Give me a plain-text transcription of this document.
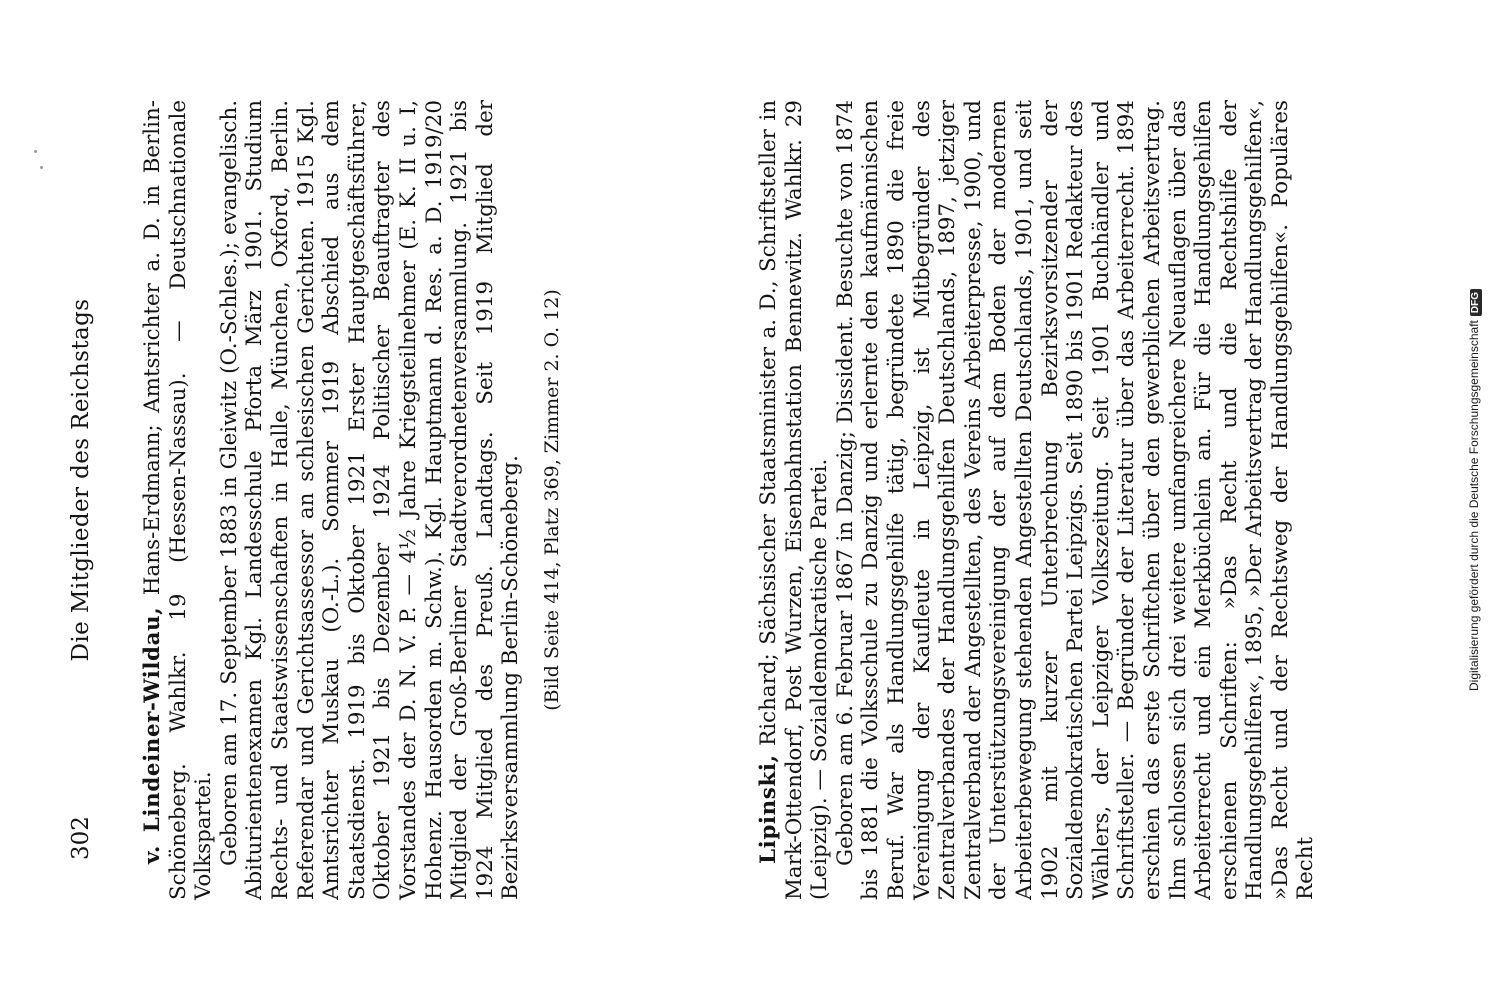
302
Die Mitglieder des Reichstags

v. Lindeiner-Wildau, Hans-Erdmann; Amtsrichter a. D. in Berlin-Schöneberg. Wahlkr. 19 (Hessen-Nassau). — Deutschnationale Volkspartei. Geboren am 17. September 1883 in Gleiwitz (O.-Schles.); evangelisch. Abiturientenexamen Kgl. Landesschule Pforta März 1901. Studium Rechts- und Staatswissenschaften in Halle, München, Oxford, Berlin. Referendar und Gerichtsassessor an schlesischen Gerichten. 1915 Kgl. Amtsrichter Muskau (O.-L.). Sommer 1919 Abschied aus dem Staatsdienst. 1919 bis Oktober 1921 Erster Hauptgeschäftsführer, Oktober 1921 bis Dezember 1924 Politischer Beauftragter des Vorstandes der D. N. V. P. — 4½ Jahre Kriegsteilnehmer (E. K. II u. I, Hohenz. Hausorden m. Schw.). Kgl. Hauptmann d. Res. a. D. 1919/20 Mitglied der Groß-Berliner Stadtverordnetenversammlung. 1921 bis 1924 Mitglied des Preuß. Landtags. Seit 1919 Mitglied der Bezirksversammlung Berlin-Schöneberg. (Bild Seite 414, Platz 369, Zimmer 2. O. 12)

Lipinski, Richard; Sächsischer Staatsminister a. D., Schriftsteller in Mark-Ottendorf, Post Wurzen, Eisenbahnstation Bennewitz. Wahlkr. 29 (Leipzig). — Sozialdemokratische Partei. Geboren am 6. Februar 1867 in Danzig; Dissident. Besuchte von 1874 bis 1881 die Volksschule zu Danzig und erlernte den kaufmännischen Beruf. War als Handlungsgehilfe tätig, begründete 1890 die freie Vereinigung der Kaufleute in Leipzig, ist Mitbegründer des Zentralverbandes der Handlungsgehilfen Deutschlands, 1897, jetziger Zentralverband der Angestellten, des Vereins Arbeiterpresse, 1900, und der Unterstützungsvereinigung der auf dem Boden der modernen Arbeiterbewegung stehenden Angestellten Deutschlands, 1901, und seit 1902 mit kurzer Unterbrechung Bezirksvorsitzender der Sozialdemokratischen Partei Leipzigs. Seit 1890 bis 1901 Redakteur des Wählers, der Leipziger Volkszeitung. Seit 1901 Buchhändler und Schriftsteller. — Begründer der Literatur über das Arbeiterrecht. 1894 erschien das erste Schriftchen über den gewerblichen Arbeitsvertrag. Ihm schlossen sich drei weitere umfangreichere Neuauflagen über das Arbeiterrecht und ein Merkbüchlein an. Für die Handlungsgehilfen erschienen Schriften: »Das Recht und die Rechtshilfe der Handlungsgehilfen«, 1895, »Der Arbeitsvertrag der Handlungsgehilfen«, »Das Recht und der Rechtsweg der Handlungsgehilfen«. Populäres Recht

Digitalisierung gefördert durch die Deutsche ForschungsgemeinschaftDFG
